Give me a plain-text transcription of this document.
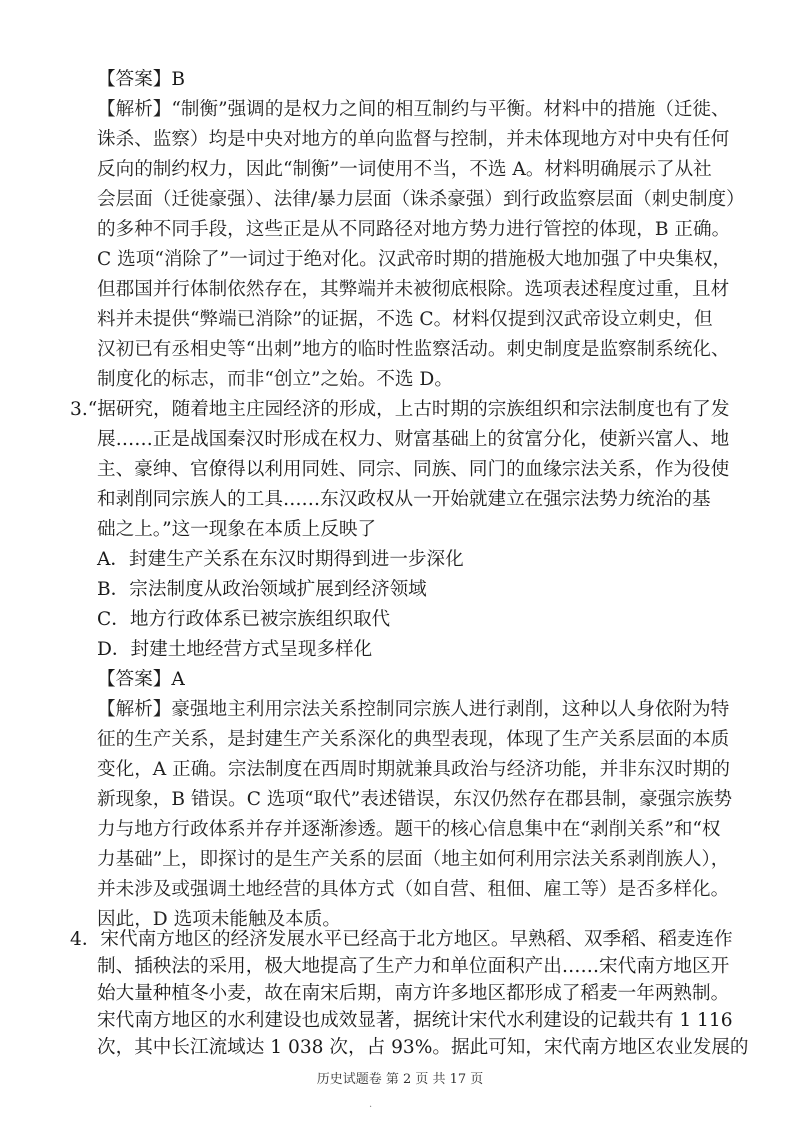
【答案】B
【解析】“制衡”强调的是权力之间的相互制约与平衡。材料中的措施（迁徙、
诛杀、监察）均是中央对地方的单向监督与控制，并未体现地方对中央有任何
反向的制约权力，因此“制衡”一词使用不当，不选 A。材料明确展示了从社
会层面（迁徙豪强）、法律/暴力层面（诛杀豪强）到行政监察层面（刺史制度）
的多种不同手段，这些正是从不同路径对地方势力进行管控的体现，B 正确。
C 选项“消除了”一词过于绝对化。汉武帝时期的措施极大地加强了中央集权，
但郡国并行体制依然存在，其弊端并未被彻底根除。选项表述程度过重，且材
料并未提供“弊端已消除”的证据，不选 C。材料仅提到汉武帝设立刺史，但
汉初已有丞相史等“出刺”地方的临时性监察活动。刺史制度是监察制系统化、
制度化的标志，而非“创立”之始。不选 D。
3.“据研究，随着地主庄园经济的形成，上古时期的宗族组织和宗法制度也有了发
展……正是战国秦汉时形成在权力、财富基础上的贫富分化，使新兴富人、地
主、豪绅、官僚得以利用同姓、同宗、同族、同门的血缘宗法关系，作为役使
和剥削同宗族人的工具……东汉政权从一开始就建立在强宗法势力统治的基
础之上。”这一现象在本质上反映了
A．封建生产关系在东汉时期得到进一步深化
B．宗法制度从政治领域扩展到经济领域
C．地方行政体系已被宗族组织取代
D．封建土地经营方式呈现多样化
【答案】A
【解析】豪强地主利用宗法关系控制同宗族人进行剥削，这种以人身依附为特
征的生产关系，是封建生产关系深化的典型表现，体现了生产关系层面的本质
变化，A 正确。宗法制度在西周时期就兼具政治与经济功能，并非东汉时期的
新现象，B 错误。C 选项“取代”表述错误，东汉仍然存在郡县制，豪强宗族势
力与地方行政体系并存并逐渐渗透。题干的核心信息集中在“剥削关系”和“权
力基础”上，即探讨的是生产关系的层面（地主如何利用宗法关系剥削族人），
并未涉及或强调土地经营的具体方式（如自营、租佃、雇工等）是否多样化。
因此，D 选项未能触及本质。
4．宋代南方地区的经济发展水平已经高于北方地区。早熟稻、双季稻、稻麦连作
制、插秧法的采用，极大地提高了生产力和单位面积产出……宋代南方地区开
始大量种植冬小麦，故在南宋后期，南方许多地区都形成了稻麦一年两熟制。
宋代南方地区的水利建设也成效显著，据统计宋代水利建设的记载共有 1 116
次，其中长江流域达 1 038 次，占 93%。据此可知，宋代南方地区农业发展的
历史试题卷 第 2 页 共 17 页
·
